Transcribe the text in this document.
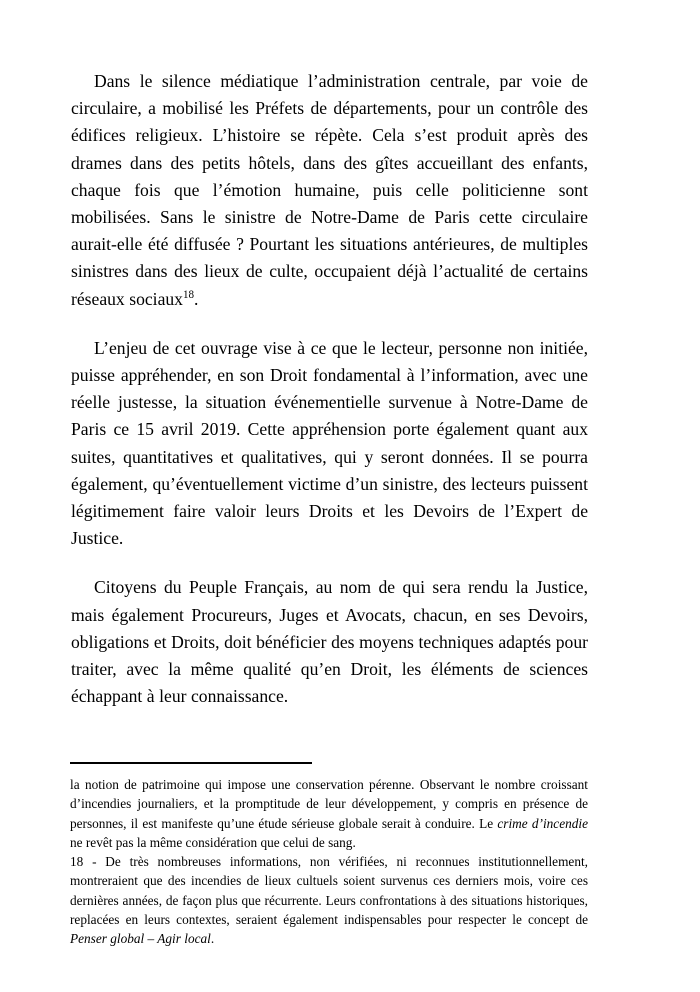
Dans le silence médiatique l’administration centrale, par voie de circulaire, a mobilisé les Préfets de départements, pour un contrôle des édifices religieux. L’histoire se répète. Cela s’est produit après des drames dans des petits hôtels, dans des gîtes accueillant des enfants, chaque fois que l’émotion humaine, puis celle politicienne sont mobilisées. Sans le sinistre de Notre-Dame de Paris cette circulaire aurait-elle été diffusée ? Pourtant les situations antérieures, de multiples sinistres dans des lieux de culte, occupaient déjà l’actualité de certains réseaux sociaux$^{18}$.

L’enjeu de cet ouvrage vise à ce que le lecteur, personne non initiée, puisse appréhender, en son Droit fondamental à l’information, avec une réelle justesse, la situation événementielle survenue à Notre-Dame de Paris ce 15 avril 2019. Cette appréhension porte également quant aux suites, quantitatives et qualitatives, qui y seront données. Il se pourra également, qu’éventuellement victime d’un sinistre, des lecteurs puissent légitimement faire valoir leurs Droits et les Devoirs de l’Expert de Justice.

Citoyens du Peuple Français, au nom de qui sera rendu la Justice, mais également Procureurs, Juges et Avocats, chacun, en ses Devoirs, obligations et Droits, doit bénéficier des moyens techniques adaptés pour traiter, avec la même qualité qu’en Droit, les éléments de sciences échappant à leur connaissance.

la notion de patrimoine qui impose une conservation pérenne. Observant le nombre croissant d’incendies journaliers, et la promptitude de leur développement, y compris en présence de personnes, il est manifeste qu’une étude sérieuse globale serait à conduire. Le crime d’incendie ne revêt pas la même considération que celui de sang.

18 - De très nombreuses informations, non vérifiées, ni reconnues institutionnellement, montreraient que des incendies de lieux cultuels soient survenus ces derniers mois, voire ces dernières années, de façon plus que récurrente. Leurs confrontations à des situations historiques, replacées en leurs contextes, seraient également indispensables pour respecter le concept de Penser global – Agir local.
